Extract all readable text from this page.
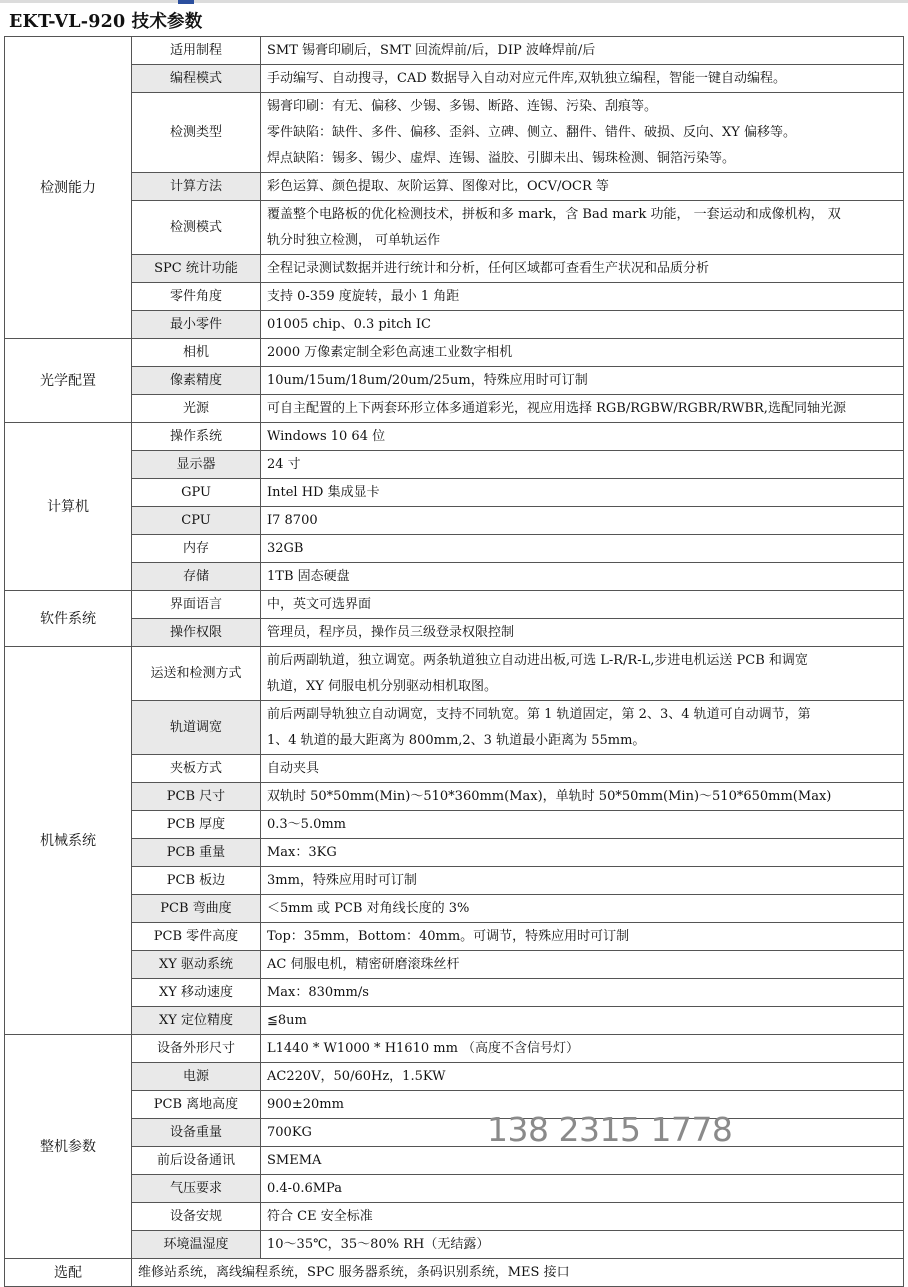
EKT-VL-920 技术参数
检测能力	适用制程	SMT 锡膏印刷后，SMT 回流焊前/后，DIP 波峰焊前/后

	编程模式	手动编写、自动搜寻，CAD 数据导入自动对应元件库,双轨独立编程，智能一键自动编程。

	检测类型	锡膏印刷：有无、偏移、少锡、多锡、断路、连锡、污染、刮痕等。
零件缺陷：缺件、多件、偏移、歪斜、立碑、侧立、翻件、错件、破损、反向、XY 偏移等。
焊点缺陷：锡多、锡少、虚焊、连锡、溢胶、引脚未出、锡珠检测、铜箔污染等。

	计算方法	彩色运算、颜色提取、灰阶运算、图像对比，OCV/OCR 等

	检测模式	覆盖整个电路板的优化检测技术，拼板和多 mark，含 Bad mark 功能， 一套运动和成像机构， 双
轨分时独立检测， 可单轨运作

	SPC 统计功能	全程记录测试数据并进行统计和分析，任何区域都可查看生产状况和品质分析

	零件角度	支持 0-359 度旋转，最小 1 角距

	最小零件	01005 chip、0.3 pitch IC

光学配置	相机	2000 万像素定制全彩色高速工业数字相机

	像素精度	10um/15um/18um/20um/25um，特殊应用时可订制

	光源	可自主配置的上下两套环形立体多通道彩光，视应用选择 RGB/RGBW/RGBR/RWBR,选配同轴光源

计算机	操作系统	Windows 10 64 位

	显示器	24 寸

	GPU	Intel HD 集成显卡

	CPU	I7 8700

	内存	32GB

	存储	1TB 固态硬盘

软件系统	界面语言	中，英文可选界面

	操作权限	管理员，程序员，操作员三级登录权限控制

机械系统	运送和检测方式	前后两副轨道，独立调宽。两条轨道独立自动进出板,可选 L-R/R-L,步进电机运送 PCB 和调宽
轨道，XY 伺服电机分别驱动相机取图。

	轨道调宽	前后两副导轨独立自动调宽，支持不同轨宽。第 1 轨道固定，第 2、3、4 轨道可自动调节，第
1、4 轨道的最大距离为 800mm,2、3 轨道最小距离为 55mm。

	夹板方式	自动夹具

	PCB 尺寸	双轨时 50*50mm(Min)～510*360mm(Max)，单轨时 50*50mm(Min)～510*650mm(Max)

	PCB 厚度	0.3～5.0mm

	PCB 重量	Max：3KG

	PCB 板边	3mm，特殊应用时可订制

	PCB 弯曲度	＜5mm 或 PCB 对角线长度的 3%

	PCB 零件高度	Top：35mm，Bottom：40mm。可调节，特殊应用时可订制

	XY 驱动系统	AC 伺服电机，精密研磨滚珠丝杆

	XY 移动速度	Max：830mm/s

	XY 定位精度	≦8um

整机参数	设备外形尺寸	L1440 * W1000 * H1610 mm （高度不含信号灯）

	电源	AC220V，50/60Hz，1.5KW

	PCB 离地高度	900±20mm

	设备重量	700KG

	前后设备通讯	SMEMA

	气压要求	0.4-0.6MPa

	设备安规	符合 CE 安全标准

	环境温湿度	10～35℃，35～80% RH（无结露）

选配	维修站系统，离线编程系统，SPC 服务器系统，条码识别系统，MES 接口	
138 2315 1778
